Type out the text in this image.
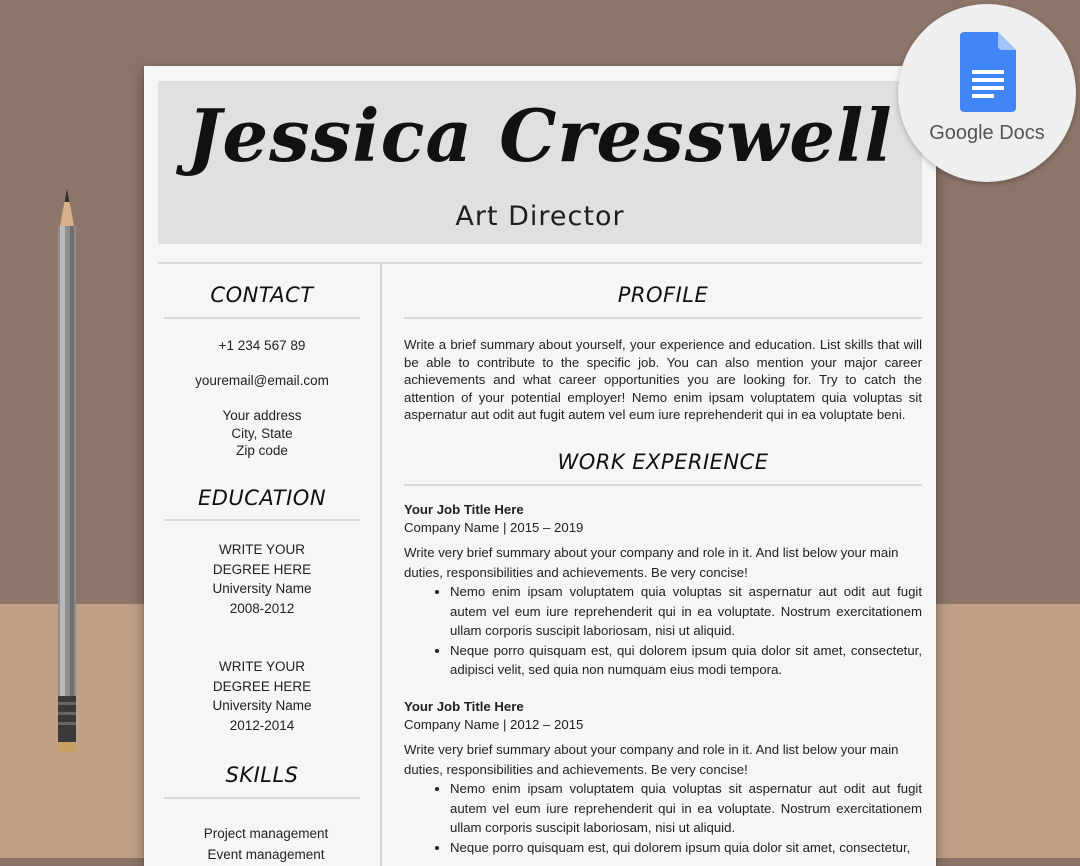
Jessica Cresswell
Art Director
CONTACT
+1 234 567 89
youremail@email.com
Your address
City, State
Zip code
EDUCATION
WRITE YOUR
DEGREE HERE
University Name
2008-2012
WRITE YOUR
DEGREE HERE
University Name
2012-2014
SKILLS
Project management
Event management
PROFILE
Write a brief summary about yourself, your experience and education. List skills that will be able to contribute to the specific job. You can also mention your major career achievements and what career opportunities you are looking for. Try to catch the attention of your potential employer! Nemo enim ipsam voluptatem quia voluptas sit aspernatur aut odit aut fugit autem vel eum iure reprehenderit qui in ea voluptate beni.
WORK EXPERIENCE
Your Job Title Here
Company Name | 2015 – 2019
Write very brief summary about your company and role in it. And list below your main duties, responsibilities and achievements. Be very concise!
• Nemo enim ipsam voluptatem quia voluptas sit aspernatur aut odit aut fugit autem vel eum iure reprehenderit qui in ea voluptate. Nostrum exercitationem ullam corporis suscipit laboriosam, nisi ut aliquid.
• Neque porro quisquam est, qui dolorem ipsum quia dolor sit amet, consectetur, adipisci velit, sed quia non numquam eius modi tempora.
Your Job Title Here
Company Name | 2012 – 2015
Write very brief summary about your company and role in it. And list below your main duties, responsibilities and achievements. Be very concise!
• Nemo enim ipsam voluptatem quia voluptas sit aspernatur aut odit aut fugit autem vel eum iure reprehenderit qui in ea voluptate. Nostrum exercitationem ullam corporis suscipit laboriosam, nisi ut aliquid.
• Neque porro quisquam est, qui dolorem ipsum quia dolor sit amet, consectetur,
Google Docs
